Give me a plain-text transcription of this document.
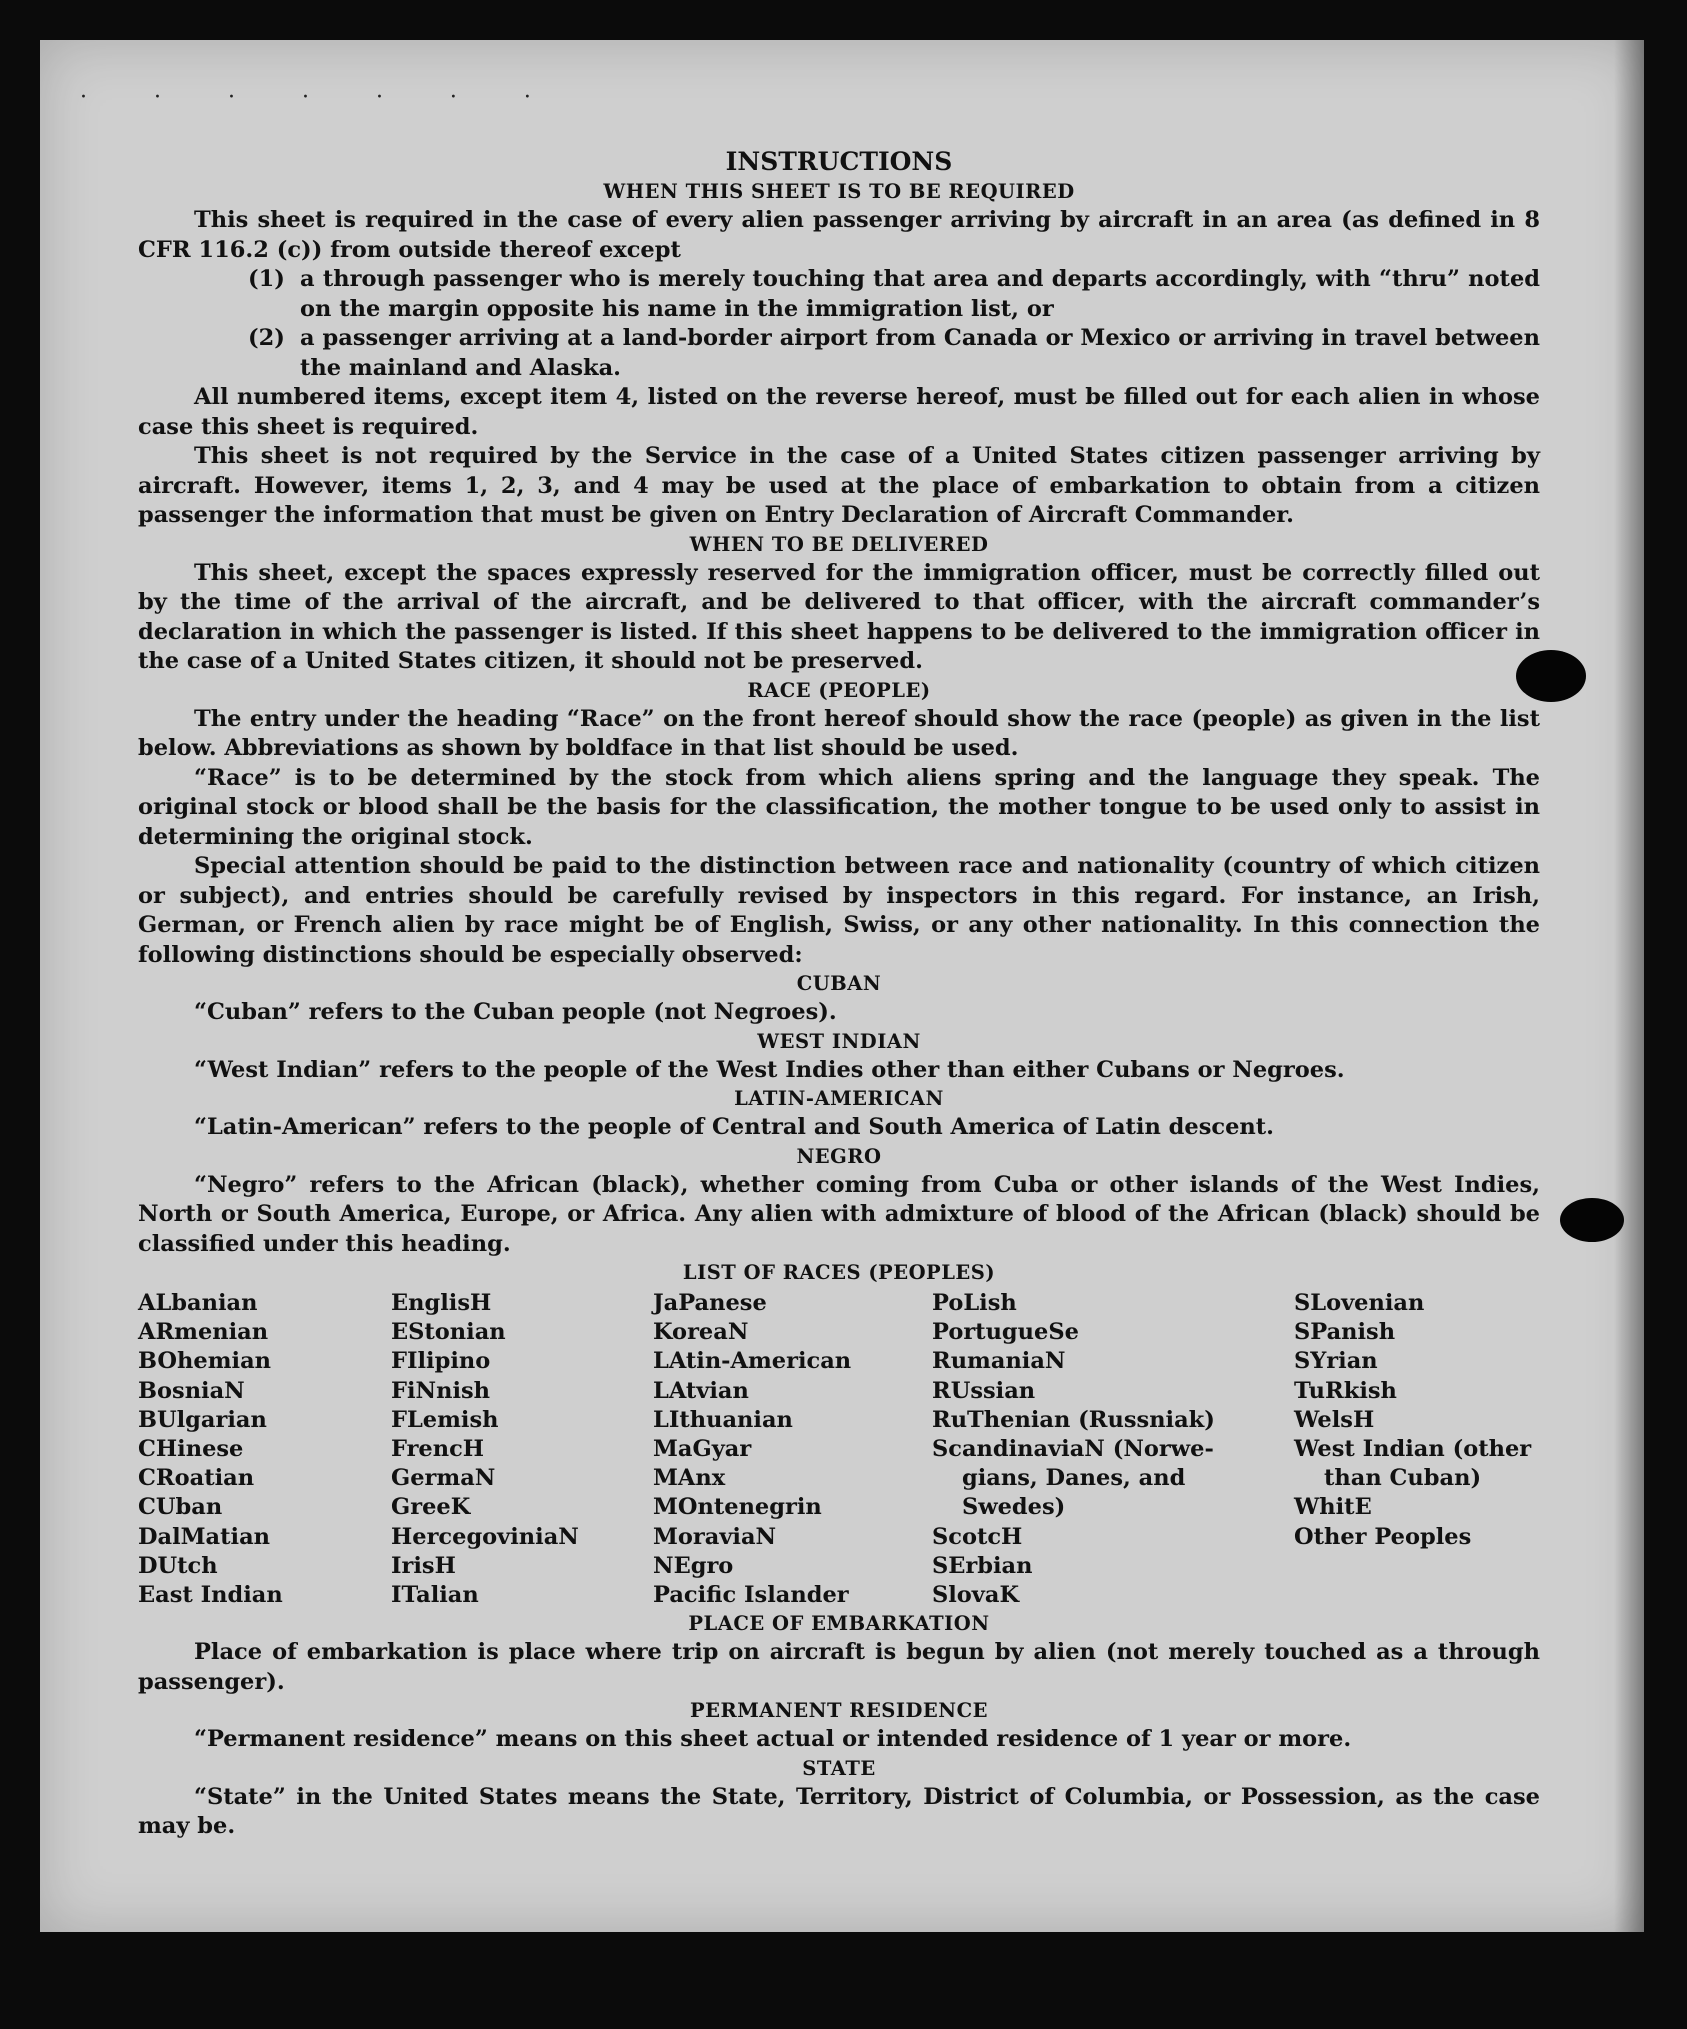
· · · · · · ·
INSTRUCTIONS
WHEN THIS SHEET IS TO BE REQUIRED

This sheet is required in the case of every alien passenger arriving by aircraft in an area (as defined in 8 CFR 116.2 (c)) from outside thereof except

(1) a through passenger who is merely touching that area and departs accordingly, with “thru” noted on the margin opposite his name in the immigration list, or
(2) a passenger arriving at a land-border airport from Canada or Mexico or arriving in travel between the mainland and Alaska.

All numbered items, except item 4, listed on the reverse hereof, must be filled out for each alien in whose case this sheet is required.

This sheet is not required by the Service in the case of a United States citizen passenger arriving by aircraft. However, items 1, 2, 3, and 4 may be used at the place of embarkation to obtain from a citizen passenger the information that must be given on Entry Declaration of Aircraft Commander.

WHEN TO BE DELIVERED

This sheet, except the spaces expressly reserved for the immigration officer, must be correctly filled out by the time of the arrival of the aircraft, and be delivered to that officer, with the aircraft commander’s declaration in which the passenger is listed. If this sheet happens to be delivered to the immigration officer in the case of a United States citizen, it should not be preserved.

RACE (PEOPLE)

The entry under the heading “Race” on the front hereof should show the race (people) as given in the list below. Abbreviations as shown by boldface in that list should be used.

“Race” is to be determined by the stock from which aliens spring and the language they speak. The original stock or blood shall be the basis for the classification, the mother tongue to be used only to assist in determining the original stock.

Special attention should be paid to the distinction between race and nationality (country of which citizen or subject), and entries should be carefully revised by inspectors in this regard. For instance, an Irish, German, or French alien by race might be of English, Swiss, or any other nationality. In this connection the following distinctions should be especially observed:

CUBAN

“Cuban” refers to the Cuban people (not Negroes).

WEST INDIAN

“West Indian” refers to the people of the West Indies other than either Cubans or Negroes.

LATIN-AMERICAN

“Latin-American” refers to the people of Central and South America of Latin descent.

NEGRO

“Negro” refers to the African (black), whether coming from Cuba or other islands of the West Indies, North or South America, Europe, or Africa. Any alien with admixture of blood of the African (black) should be classified under this heading.

LIST OF RACES (PEOPLES)
ALbanian
ARmenian
BOhemian
BosniaN
BUlgarian
CHinese
CRoatian
CUban
DalMatian
DUtch
East Indian
EnglisH
EStonian
FIlipino
FiNnish
FLemish
FrencH
GermaN
GreeK
HercegoviniaN
IrisH
ITalian
JaPanese
KoreaN
LAtin-American
LAtvian
LIthuanian
MaGyar
MAnx
MOntenegrin
MoraviaN
NEgro
Pacific Islander
PoLish
PortugueSe
RumaniaN
RUssian
RuThenian (Russniak)
ScandinaviaN (Norwe-
gians, Danes, and
Swedes)
ScotcH
SErbian
SlovaK
SLovenian
SPanish
SYrian
TuRkish
WelsH
West Indian (other
than Cuban)
WhitE
Other Peoples
PLACE OF EMBARKATION

Place of embarkation is place where trip on aircraft is begun by alien (not merely touched as a through passenger).

PERMANENT RESIDENCE

“Permanent residence” means on this sheet actual or intended residence of 1 year or more.

STATE

“State” in the United States means the State, Territory, District of Columbia, or Possession, as the case may be.
